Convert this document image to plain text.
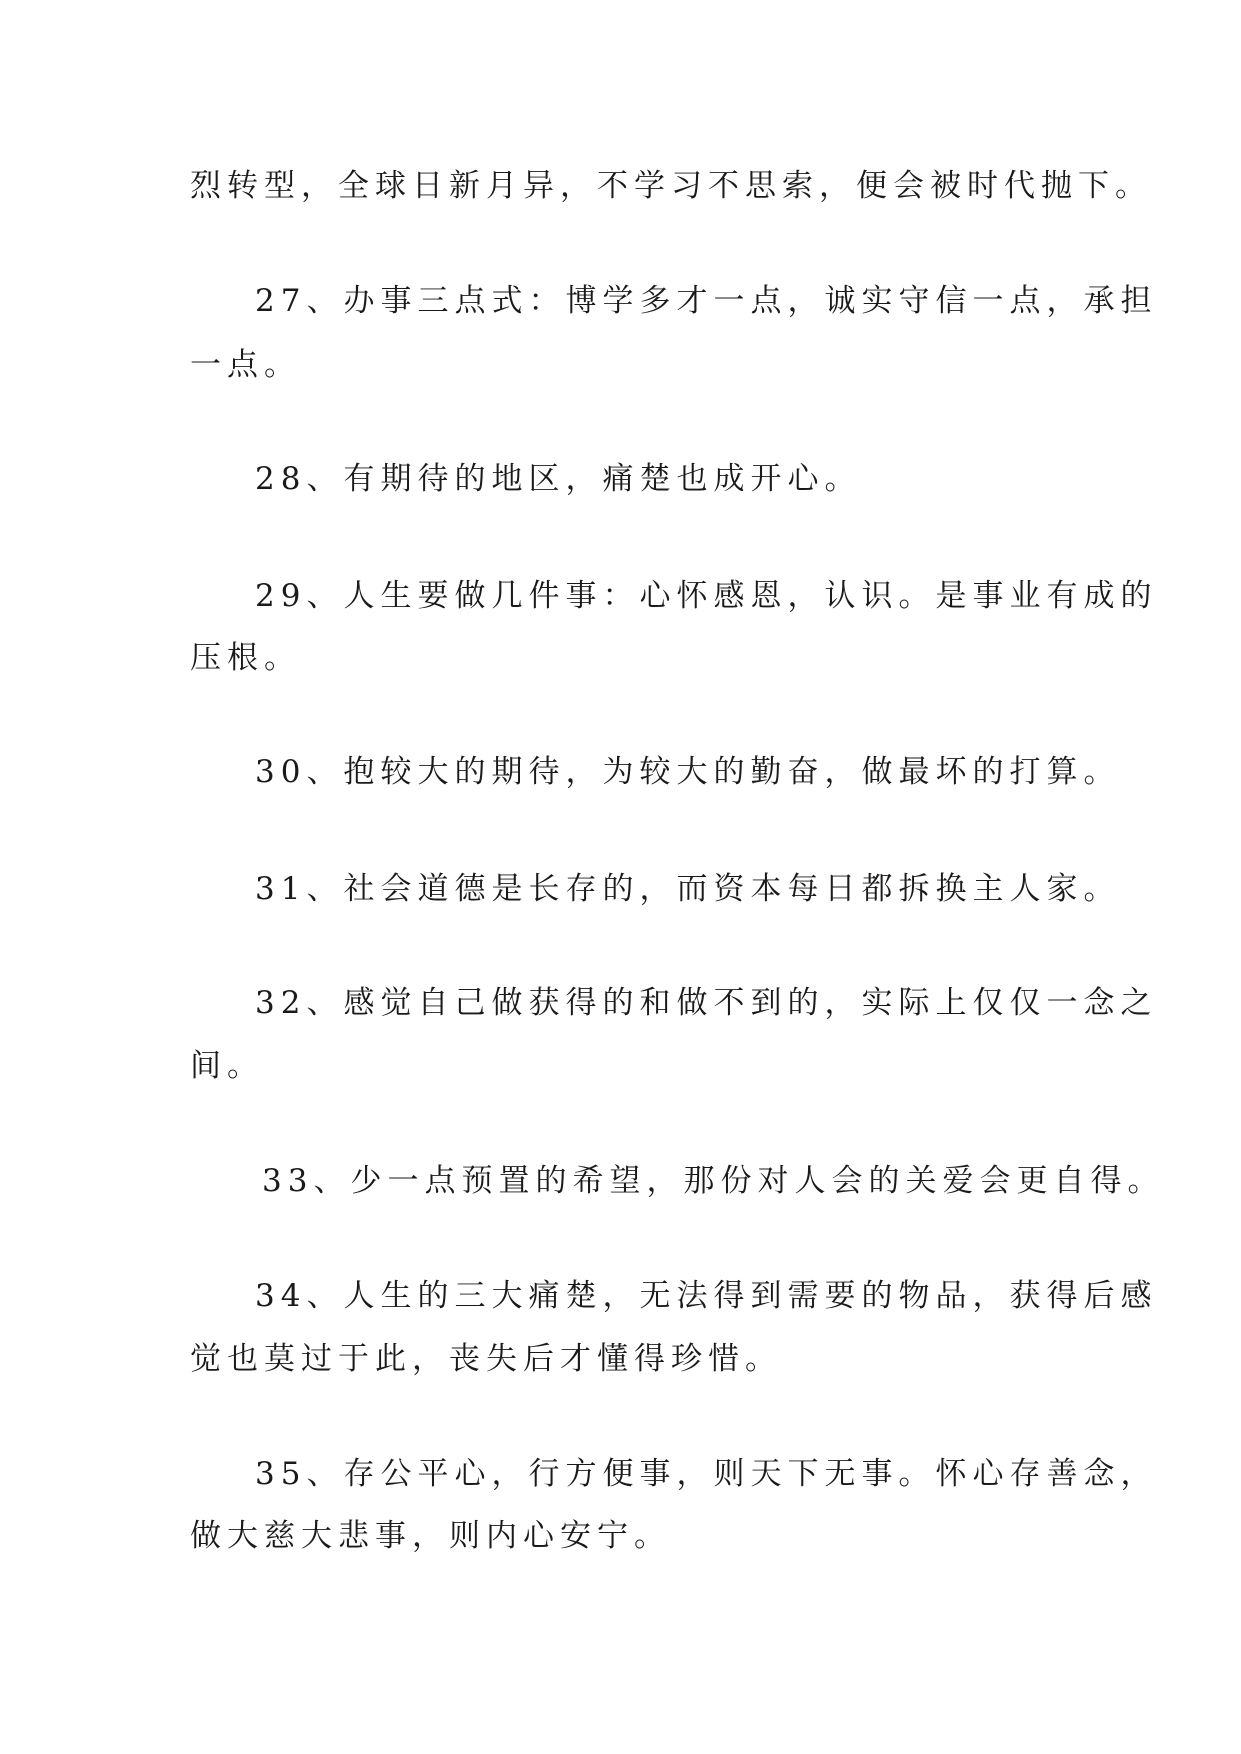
烈转型，全球日新月异，不学习不思索，便会被时代抛下。
27、办事三点式：博学多才一点，诚实守信一点，承担
一点。
28、有期待的地区，痛楚也成开心。
29、人生要做几件事：心怀感恩，认识。是事业有成的
压根。
30、抱较大的期待，为较大的勤奋，做最坏的打算。
31、社会道德是长存的，而资本每日都拆换主人家。
32、感觉自己做获得的和做不到的，实际上仅仅一念之
间。
33、少一点预置的希望，那份对人会的关爱会更自得。
34、人生的三大痛楚，无法得到需要的物品，获得后感
觉也莫过于此，丧失后才懂得珍惜。
35、存公平心，行方便事，则天下无事。怀心存善念，
做大慈大悲事，则内心安宁。
